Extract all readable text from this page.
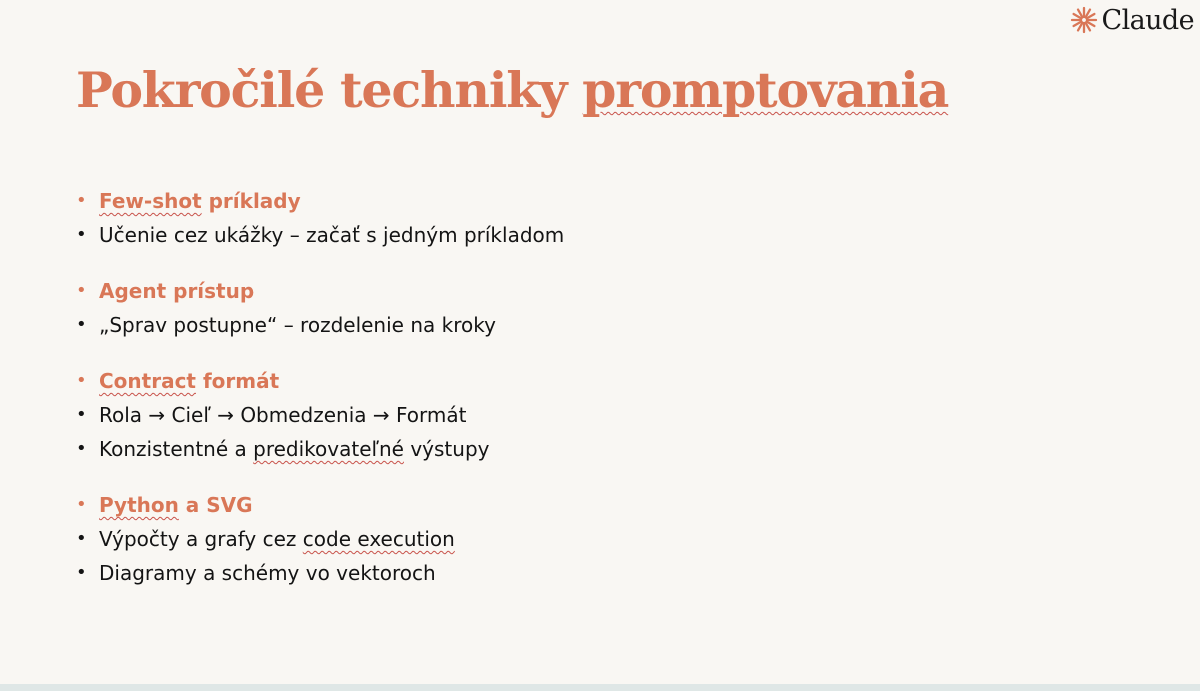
Claude
Pokročilé techniky promptovania
• Few-shot príklady
• Učenie cez ukážky – začať s jedným príkladom
• Agent prístup
• „Sprav postupne“ – rozdelenie na kroky
• Contract formát
• Rola → Cieľ → Obmedzenia → Formát
• Konzistentné a predikovateľné výstupy
• Python a SVG
• Výpočty a grafy cez code execution
• Diagramy a schémy vo vektoroch
